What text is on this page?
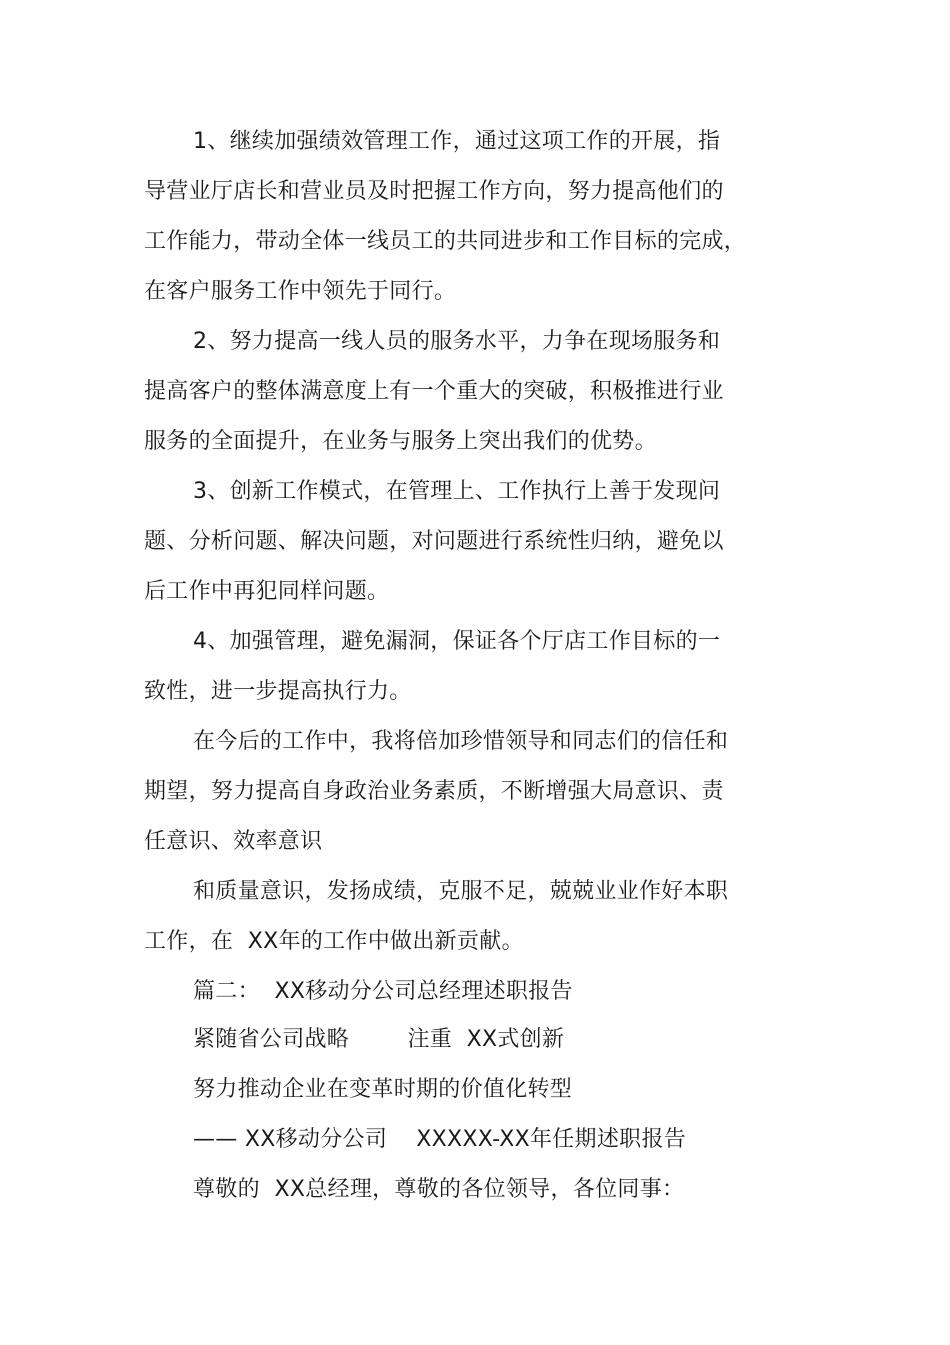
1、继续加强绩效管理工作，通过这项工作的开展，指
导营业厅店长和营业员及时把握工作方向，努力提高他们的
工作能力，带动全体一线员工的共同进步和工作目标的完成，
在客户服务工作中领先于同行。
2、努力提高一线人员的服务水平，力争在现场服务和
提高客户的整体满意度上有一个重大的突破，积极推进行业
服务的全面提升，在业务与服务上突出我们的优势。
3、创新工作模式，在管理上、工作执行上善于发现问
题、分析问题、解决问题，对问题进行系统性归纳，避免以
后工作中再犯同样问题。
4、加强管理，避免漏洞，保证各个厅店工作目标的一
致性，进一步提高执行力。
在今后的工作中，我将倍加珍惜领导和同志们的信任和
期望，努力提高自身政治业务素质，不断增强大局意识、责
任意识、效率意识
和质量意识，发扬成绩，克服不足，兢兢业业作好本职
工作，在  XX年的工作中做出新贡献。
篇二：  XX移动分公司总经理述职报告
紧随省公司战略        注重  XX式创新
努力推动企业在变革时期的价值化转型
—— XX移动分公司    XXXXX-XX年任期述职报告
尊敬的  XX总经理，尊敬的各位领导，各位同事：
